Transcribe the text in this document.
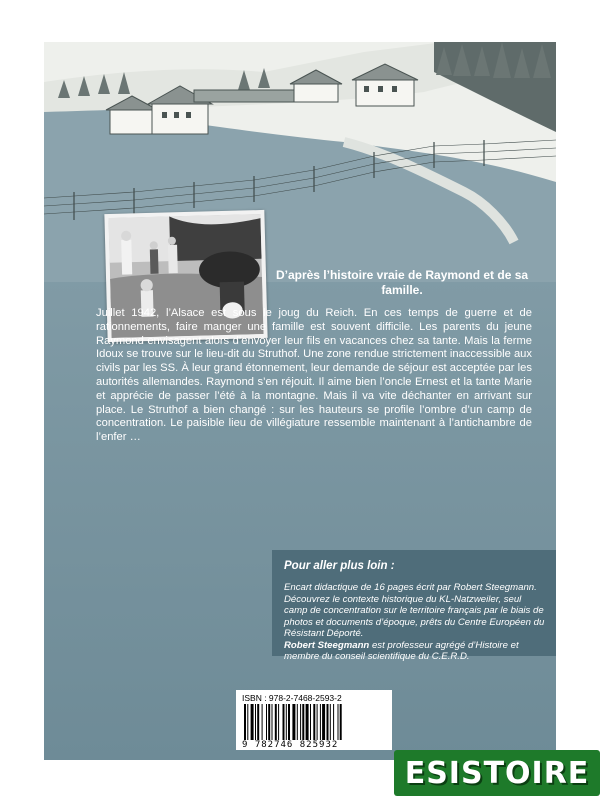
D’après l’histoire vraie de Raymond et de sa famille.

Juillet 1942, l’Alsace est sous le joug du Reich. En ces temps de guerre et de rationnements, faire manger une famille est souvent difficile. Les parents du jeune Raymond envisagent alors d’envoyer leur fils en vacances chez sa tante. Mais la ferme Idoux se trouve sur le lieu-dit du Struthof. Une zone rendue strictement inaccessible aux civils par les SS. À leur grand étonnement, leur demande de séjour est acceptée par les autorités allemandes. Raymond s’en réjouit. Il aime bien l’oncle Ernest et la tante Marie et apprécie de passer l’été à la montagne. Mais il va vite déchanter en arrivant sur place. Le Struthof a bien changé : sur les hauteurs se profile l’ombre d’un camp de concentration. Le paisible lieu de villégiature ressemble maintenant à l’antichambre de l’enfer …

Pour aller plus loin :

Encart didactique de 16 pages écrit par Robert Steegmann. Découvrez le contexte historique du KL-Natzweiler, seul camp de concentration sur le territoire français par le biais de photos et documents d’époque, prêts du Centre Européen du Résistant Déporté.

Robert Steegmann est professeur agrégé d’Histoire et membre du conseil scientifique du C.E.R.D.

ISBN : 978-2-7468-2593-2
9 782746 825932
ESISTOIRE
